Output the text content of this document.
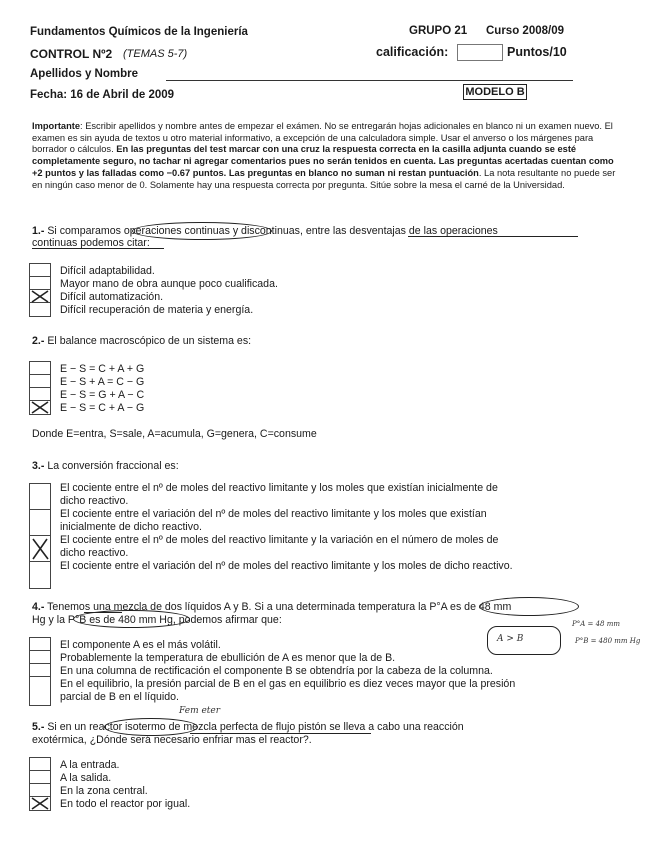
Fundamentos Químicos de la Ingeniería	GRUPO 21 Curso 2008/09
CONTROL Nº2 (TEMAS 5-7)	calificación:	Puntos/10
Apellidos y Nombre
Fecha: 16 de Abril de 2009	MODELO B
Importante: Escribir apellidos y nombre antes de empezar el exámen. No se entregarán hojas adicionales en blanco ni un examen nuevo. El examen es sin ayuda de textos u otro material informativo, a excepción de una calculadora simple. Usar el anverso o los márgenes para borrador o cálculos. En las preguntas del test marcar con una cruz la respuesta correcta en la casilla adjunta cuando se esté completamente seguro, no tachar ni agregar comentarios pues no serán tenidos en cuenta. Las preguntas acertadas cuentan como +2 puntos y las falladas como −0.67 puntos. Las preguntas en blanco no suman ni restan puntuación. La nota resultante no puede ser en ningún caso menor de 0. Solamente hay una respuesta correcta por pregunta. Sitúe sobre la mesa el carné de la Universidad.
1.- Si comparamos operaciones continuas y discontinuas, entre las desventajas de las operaciones
continuas podemos citar:
Difícil adaptabilidad.
Mayor mano de obra aunque poco cualificada.
Difícil automatización.
Difícil recuperación de materia y energía.
2.- El balance macroscópico de un sistema es:
E − S = C + A + G
E − S + A = C − G
E − S = G + A − C
E − S = C + A − G
Donde E=entra, S=sale, A=acumula, G=genera, C=consume
3.- La conversión fraccional es:
El cociente entre el nº de moles del reactivo limitante y los moles que existían inicialmente de
dicho reactivo.
El cociente entre el variación del nº de moles del reactivo limitante y los moles que existían
inicialmente de dicho reactivo.
El cociente entre el nº de moles del reactivo limitante y la variación en el número de moles de
dicho reactivo.
El cociente entre el variación del nº de moles del reactivo limitante y los moles de dicho reactivo.
4.- Tenemos una mezcla de dos líquidos A y B. Si a una determinada temperatura la P°A es de 48 mm
Hg y la P°B es de 480 mm Hg, podemos afirmar que:
El componente A es el más volátil.
Probablemente la temperatura de ebullición de A es menor que la de B.
En una columna de rectificación el componente B se obtendría por la cabeza de la columna.
En el equilibrio, la presión parcial de B en el gas en equilibrio es diez veces mayor que la presión
parcial de B en el líquido.
A > B
P°A = 48 mm
P°B = 480 mm Hg
Fem eter
5.- Si en un reactor isotermo de mezcla perfecta de flujo pistón se lleva a cabo una reacción
exotérmica, ¿Dónde será necesario enfriar mas el reactor?.
A la entrada.
A la salida.
En la zona central.
En todo el reactor por igual.
